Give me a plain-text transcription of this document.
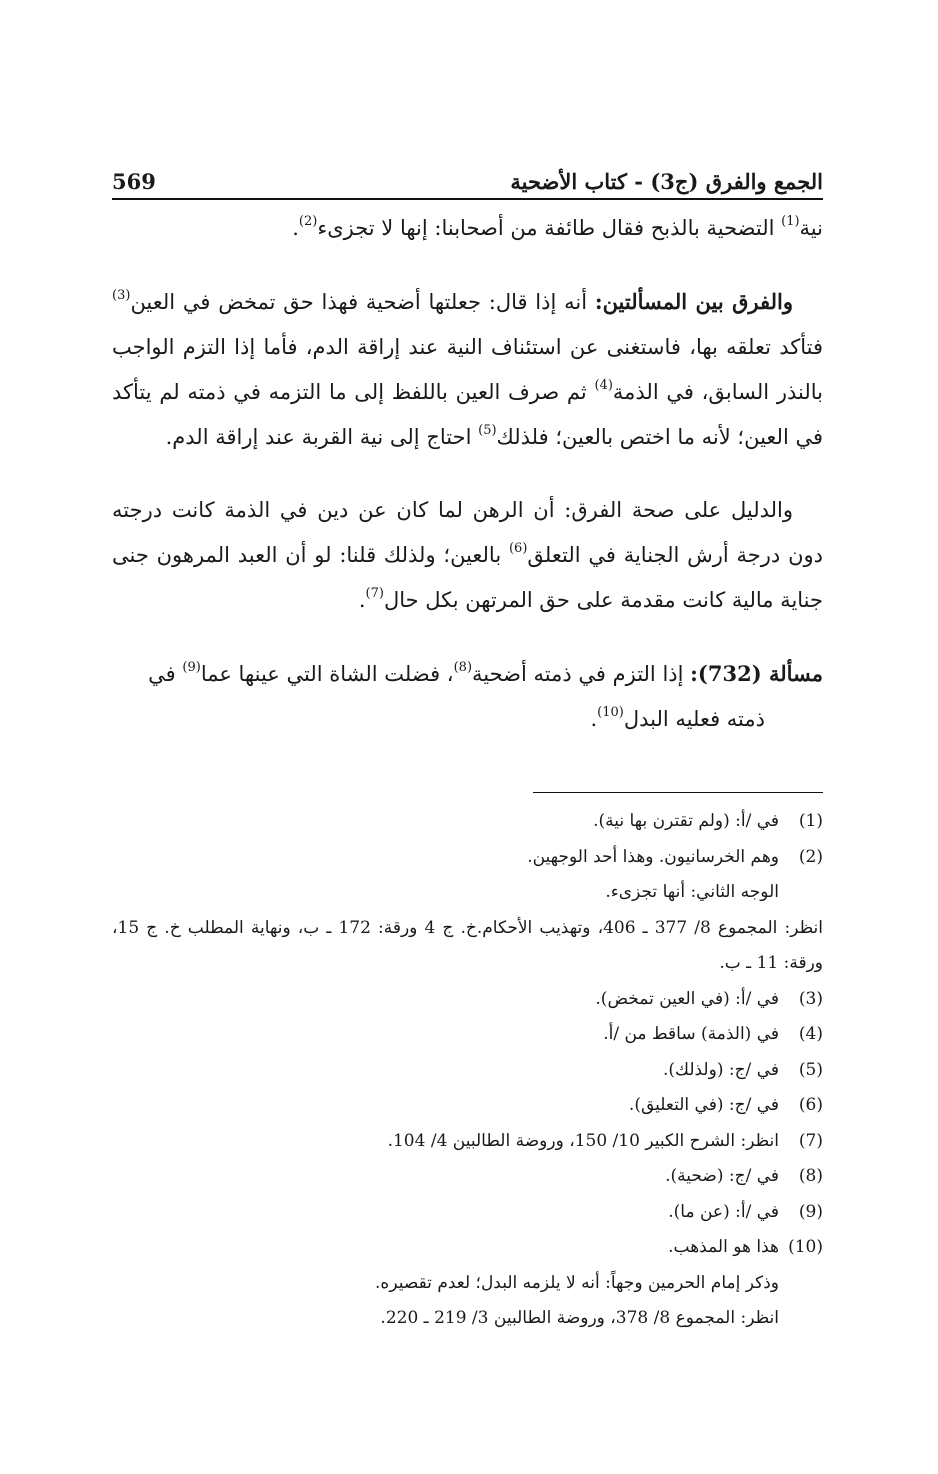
الجمع والفرق (ج3) - كتاب الأضحية
569

نية$^{(1)}$ التضحية بالذبح فقال طائفة من أصحابنا: إنها لا تجزىء$^{(2)}$.

والفرق بين المسألتين: أنه إذا قال: جعلتها أضحية فهذا حق تمخض في العين$^{(3)}$ فتأكد تعلقه بها، فاستغنى عن استئناف النية عند إراقة الدم، فأما إذا التزم الواجب بالنذر السابق، في الذمة$^{(4)}$ ثم صرف العين باللفظ إلى ما التزمه في ذمته لم يتأكد في العين؛ لأنه ما اختص بالعين؛ فلذلك$^{(5)}$ احتاج إلى نية القربة عند إراقة الدم.

والدليل على صحة الفرق: أن الرهن لما كان عن دين في الذمة كانت درجته دون درجة أرش الجناية في التعلق$^{(6)}$ بالعين؛ ولذلك قلنا: لو أن العبد المرهون جنى جناية مالية كانت مقدمة على حق المرتهن بكل حال$^{(7)}$.

مسألة (732): إذا التزم في ذمته أضحية$^{(8)}$، فضلت الشاة التي عينها عما$^{(9)}$ في
ذمته فعليه البدل$^{(10)}$.

(1)
في /أ: (ولم تقترن بها نية).
(2)
وهم الخرسانيون. وهذا أحد الوجهين.
الوجه الثاني: أنها تجزىء.
انظر: المجموع 8/ 377 ـ 406، وتهذيب الأحكام.خ. ج 4 ورقة: 172 ـ ب، ونهاية المطلب خ. ج 15، ورقة: 11 ـ ب.
(3)
في /أ: (في العين تمخض).
(4)
في (الذمة) ساقط من /أ.
(5)
في /ج: (ولذلك).
(6)
في /ج: (في التعليق).
(7)
انظر: الشرح الكبير 10/ 150، وروضة الطالبين 4/ 104.
(8)
في /ج: (ضحية).
(9)
في /أ: (عن ما).
(10)
هذا هو المذهب.
وذكر إمام الحرمين وجهاً: أنه لا يلزمه البدل؛ لعدم تقصيره.
انظر: المجموع 8/ 378، وروضة الطالبين 3/ 219 ـ 220.
